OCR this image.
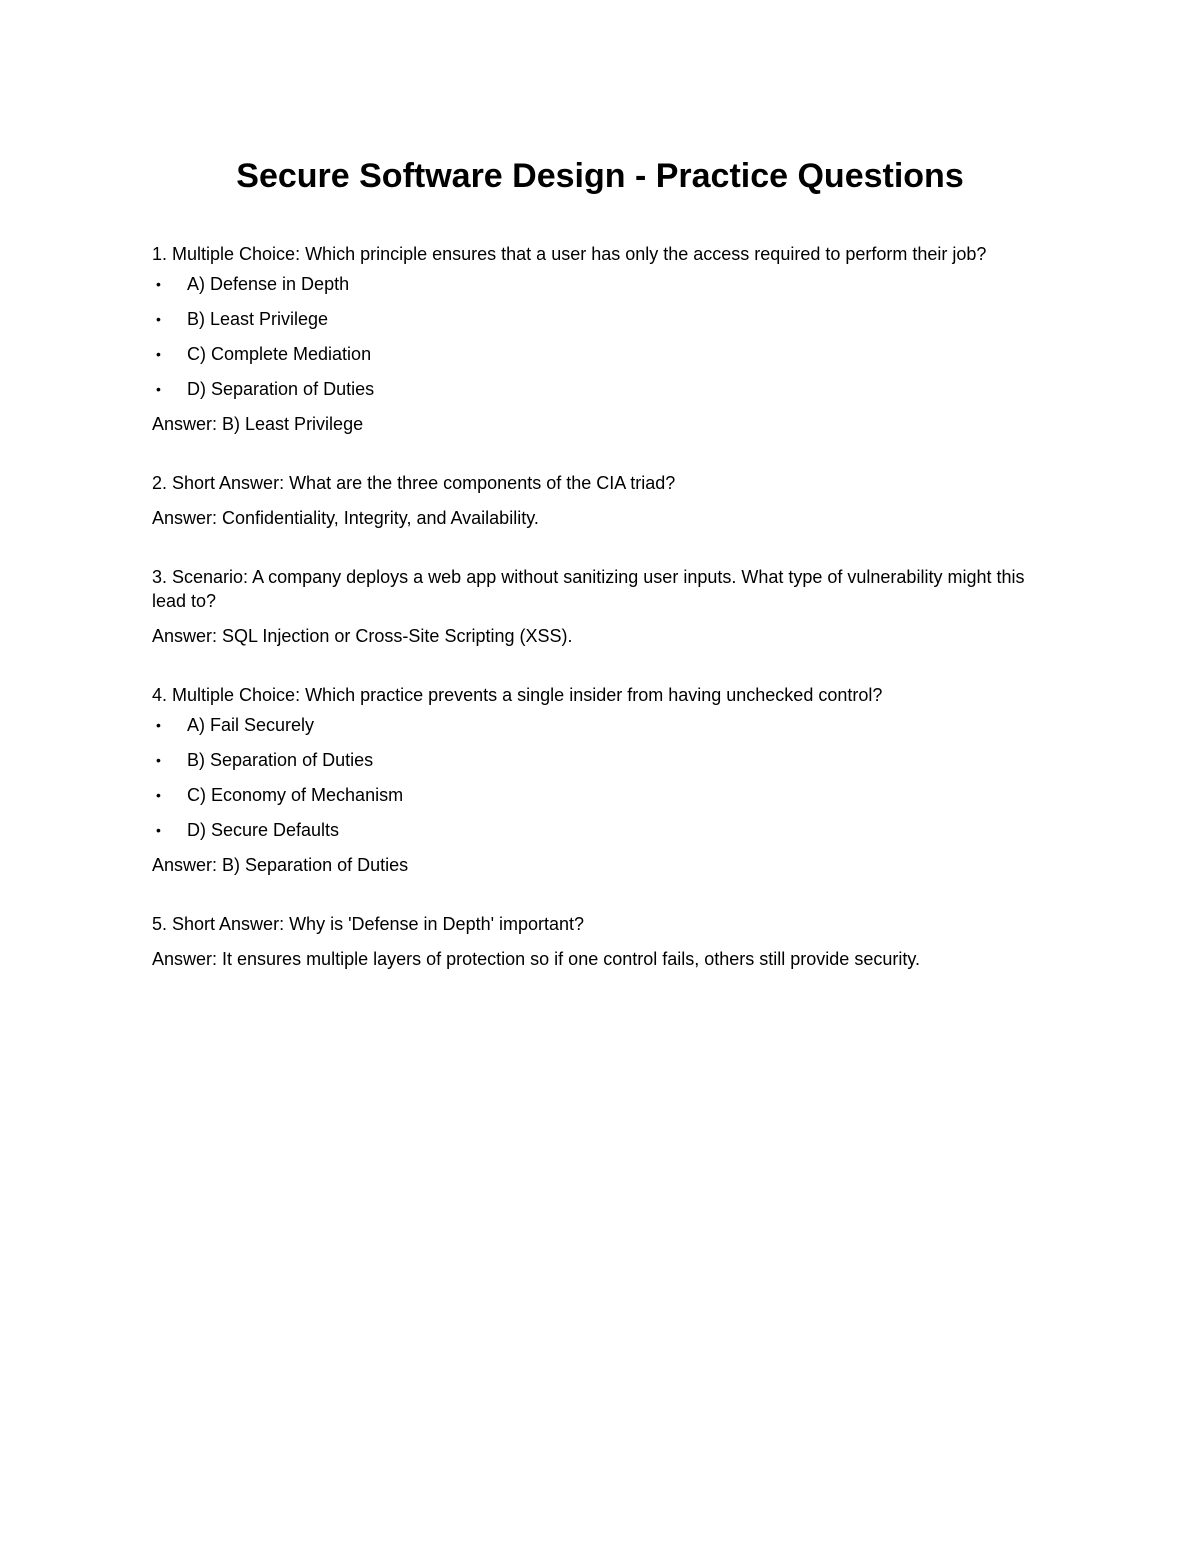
Secure Software Design - Practice Questions

1. Multiple Choice: Which principle ensures that a user has only the access required to perform their job?

• A) Defense in Depth
• B) Least Privilege
• C) Complete Mediation
• D) Separation of Duties

Answer: B) Least Privilege

2. Short Answer: What are the three components of the CIA triad?

Answer: Confidentiality, Integrity, and Availability.

3. Scenario: A company deploys a web app without sanitizing user inputs. What type of vulnerability might this lead to?

Answer: SQL Injection or Cross-Site Scripting (XSS).

4. Multiple Choice: Which practice prevents a single insider from having unchecked control?

• A) Fail Securely
• B) Separation of Duties
• C) Economy of Mechanism
• D) Secure Defaults

Answer: B) Separation of Duties

5. Short Answer: Why is 'Defense in Depth' important?

Answer: It ensures multiple layers of protection so if one control fails, others still provide security.
